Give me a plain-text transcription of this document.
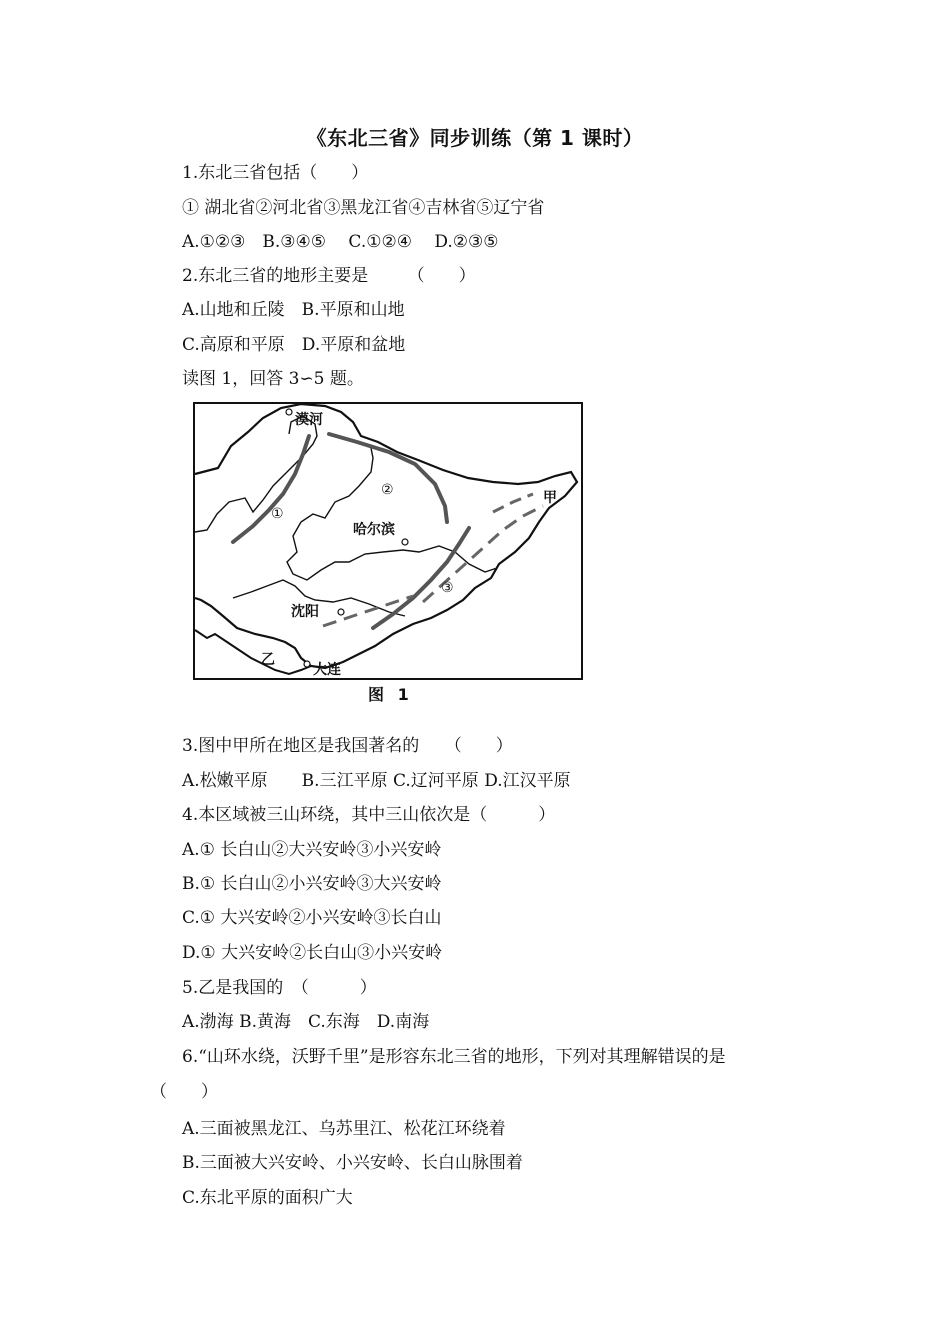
《东北三省》同步训练（第 1 课时）
1.东北三省包括（　　）
① 湖北省②河北省③黑龙江省④吉林省⑤辽宁省
A.①②③　B.③④⑤　 C.①②④　 D.②③⑤
2.东北三省的地形主要是　　 （　　）
A.山地和丘陵　B.平原和山地
C.高原和平原　D.平原和盆地
读图 1，回答 3∽5 题。
漠河
哈尔滨
沈阳
大连
甲
乙
①
②
③
图 1
3.图中甲所在地区是我国著名的　　（　　）
A.松嫩平原　　B.三江平原 C.辽河平原 D.江汉平原
4.本区域被三山环绕，其中三山依次是（　　　）
A.① 长白山②大兴安岭③小兴安岭
B.① 长白山②小兴安岭③大兴安岭
C.① 大兴安岭②小兴安岭③长白山
D.① 大兴安岭②长白山③小兴安岭
5.乙是我国的　（　　　）
A.渤海 B.黄海　C.东海　D.南海
6.“山环水绕，沃野千里”是形容东北三省的地形，下列对其理解错误的是
（　　）
A.三面被黑龙江、乌苏里江、松花江环绕着
B.三面被大兴安岭、小兴安岭、长白山脉围着
C.东北平原的面积广大
